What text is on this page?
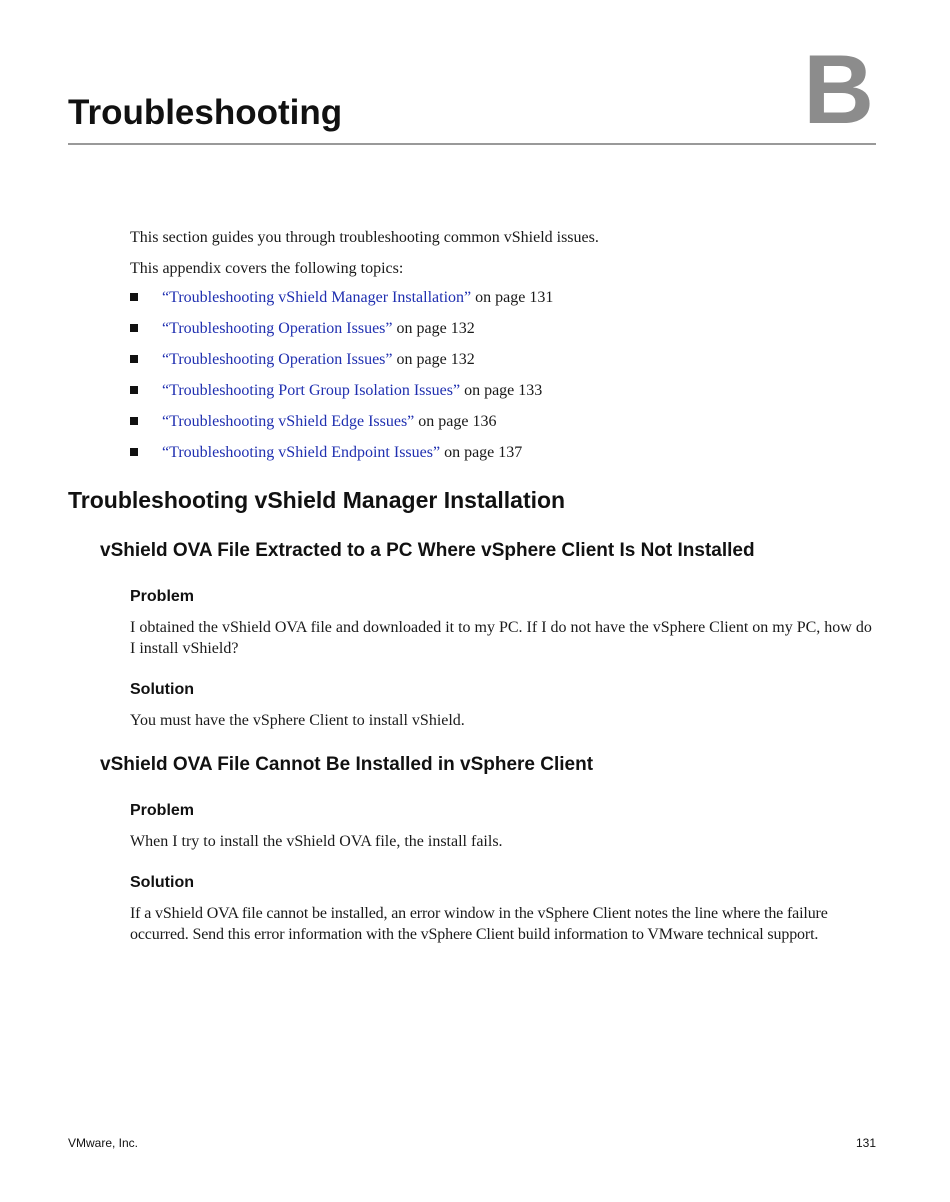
B
Troubleshooting

This section guides you through troubleshooting common vShield issues.

This appendix covers the following topics:

“Troubleshooting vShield Manager Installation” on page 131
“Troubleshooting Operation Issues” on page 132
“Troubleshooting Operation Issues” on page 132
“Troubleshooting Port Group Isolation Issues” on page 133
“Troubleshooting vShield Edge Issues” on page 136
“Troubleshooting vShield Endpoint Issues” on page 137
Troubleshooting vShield Manager Installation
vShield OVA File Extracted to a PC Where vSphere Client Is Not Installed
Problem

I obtained the vShield OVA file and downloaded it to my PC. If I do not have the vSphere Client on my PC, how do I install vShield?

Solution

You must have the vSphere Client to install vShield.

vShield OVA File Cannot Be Installed in vSphere Client
Problem

When I try to install the vShield OVA file, the install fails.

Solution

If a vShield OVA file cannot be installed, an error window in the vSphere Client notes the line where the failure occurred. Send this error information with the vSphere Client build information to VMware technical support.

VMware, Inc.	131
